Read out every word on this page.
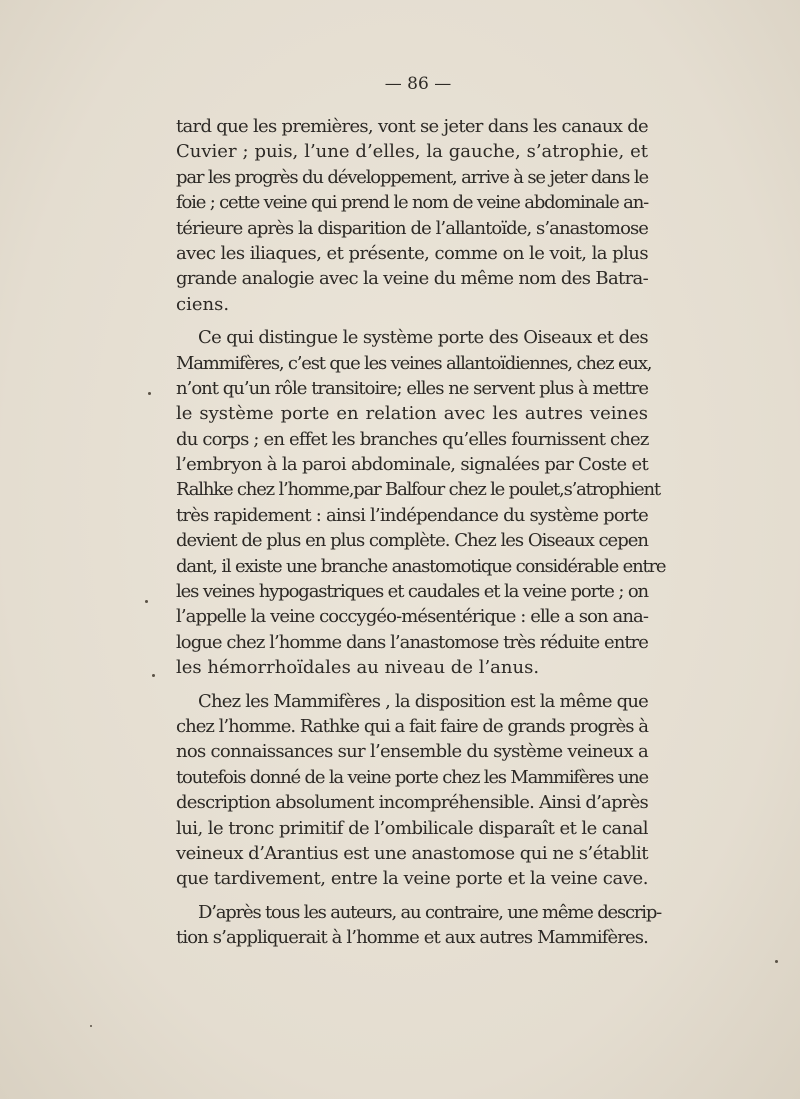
— 86 —
tard que les premières, vont se jeter dans les canaux de
Cuvier ; puis, l’une d’elles, la gauche, s’atrophie, et
par les progrès du développement, arrive à se jeter dans le
foie ; cette veine qui prend le nom de veine abdominale an-
térieure après la disparition de l’allantoïde, s’anastomose
avec les iliaques, et présente, comme on le voit, la plus
grande analogie avec la veine du même nom des Batra-
ciens.
Ce qui distingue le système porte des Oiseaux et des
Mammifères, c’est que les veines allantoïdiennes, chez eux,
n’ont qu’un rôle transitoire; elles ne servent plus à mettre
le système porte en relation avec les autres veines
du corps ; en effet les branches qu’elles fournissent chez
l’embryon à la paroi abdominale, signalées par Coste et
Ralhke chez l’homme,par Balfour chez le poulet,s’atrophient
très rapidement : ainsi l’indépendance du système porte
devient de plus en plus complète. Chez les Oiseaux cepen
dant, il existe une branche anastomotique considérable entre
les veines hypogastriques et caudales et la veine porte ; on
l’appelle la veine coccygéo-mésentérique : elle a son ana-
logue chez l’homme dans l’anastomose très réduite entre
les hémorrhoïdales au niveau de l’anus.
Chez les Mammifères , la disposition est la même que
chez l’homme. Rathke qui a fait faire de grands progrès à
nos connaissances sur l’ensemble du système veineux a
toutefois donné de la veine porte chez les Mammifères une
description absolument incompréhensible. Ainsi d’après
lui, le tronc primitif de l’ombilicale disparaît et le canal
veineux d’Arantius est une anastomose qui ne s’établit
que tardivement, entre la veine porte et la veine cave.
D’après tous les auteurs, au contraire, une même descrip-
tion s’appliquerait à l’homme et aux autres Mammifères.
